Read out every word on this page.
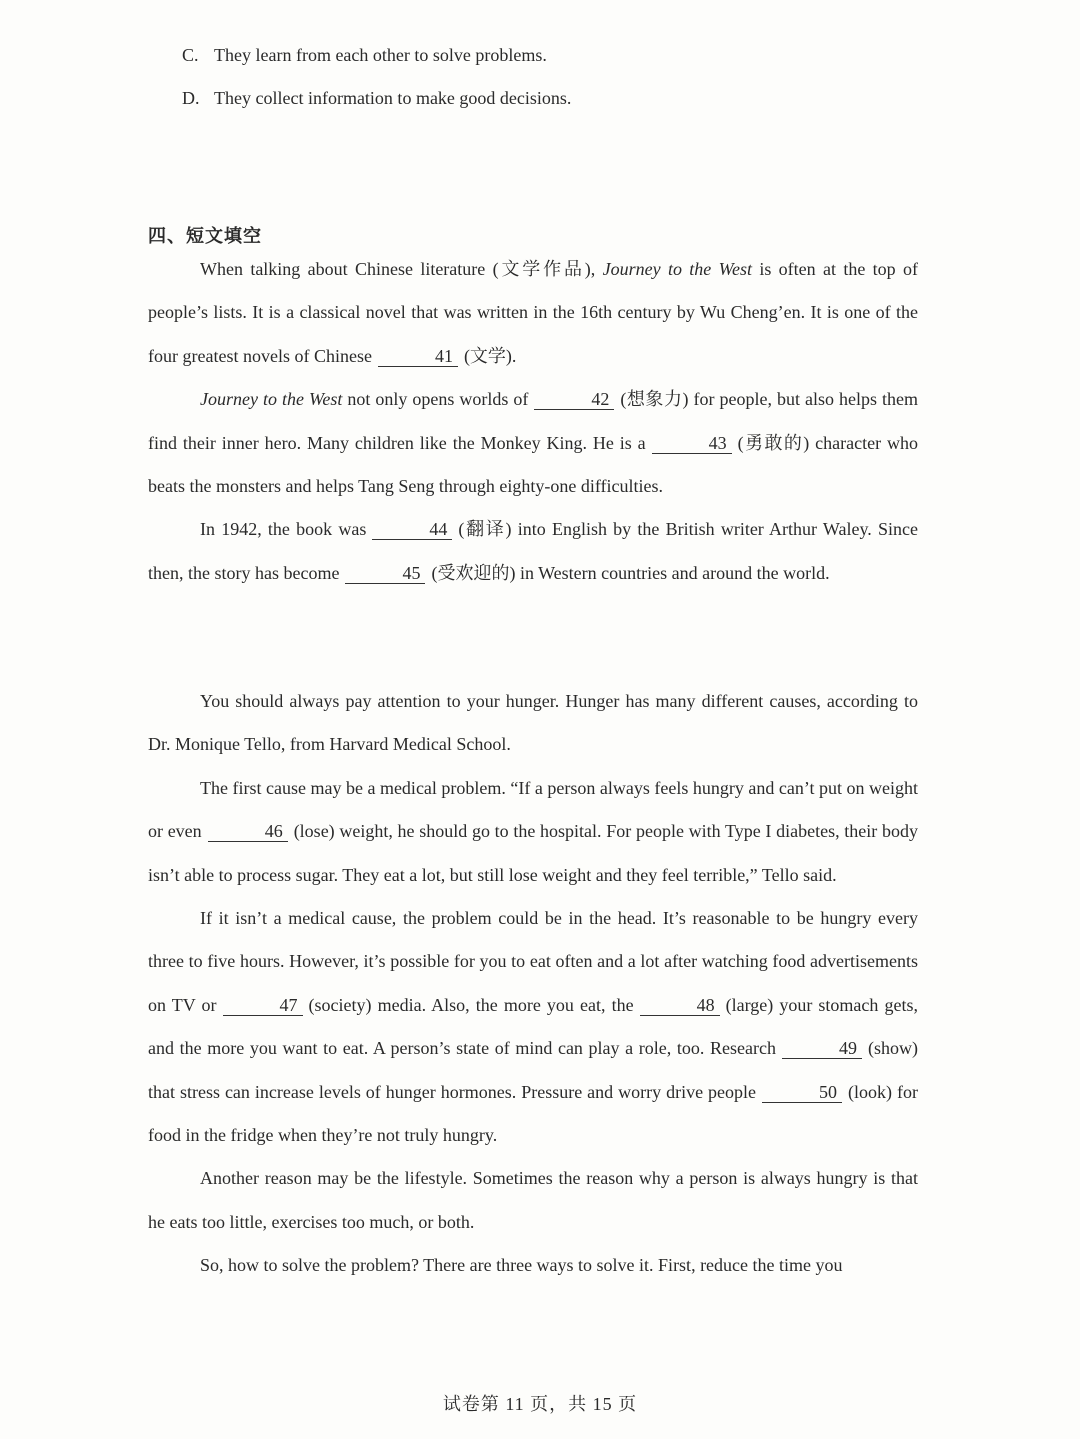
C. They learn from each other to solve problems.
D. They collect information to make good decisions.
四、短文填空

When talking about Chinese literature (文学作品), Journey to the West is often at the top of people’s lists. It is a classical novel that was written in the 16th century by Wu Cheng’en. It is one of the four greatest novels of Chinese	41 (文学).

Journey to the West not only opens worlds of	42 (想象力) for people, but also helps them find their inner hero. Many children like the Monkey King. He is a	43 (勇敢的) character who beats the monsters and helps Tang Seng through eighty-one difficulties.

In 1942, the book was	44 (翻译) into English by the British writer Arthur Waley. Since then, the story has become	45 (受欢迎的) in Western countries and around the world.

You should always pay attention to your hunger. Hunger has many different causes, according to Dr. Monique Tello, from Harvard Medical School.

The first cause may be a medical problem. “If a person always feels hungry and can’t put on weight or even	46 (lose) weight, he should go to the hospital. For people with Type I diabetes, their body isn’t able to process sugar. They eat a lot, but still lose weight and they feel terrible,” Tello said.

If it isn’t a medical cause, the problem could be in the head. It’s reasonable to be hungry every three to five hours. However, it’s possible for you to eat often and a lot after watching food advertisements on TV or	47 (society) media. Also, the more you eat, the	48 (large) your stomach gets, and the more you want to eat. A person’s state of mind can play a role, too. Research	49 (show) that stress can increase levels of hunger hormones. Pressure and worry drive people	50 (look) for food in the fridge when they’re not truly hungry.

Another reason may be the lifestyle. Sometimes the reason why a person is always hungry is that he eats too little, exercises too much, or both.

So, how to solve the problem? There are three ways to solve it. First, reduce the time you

试卷第 11 页，共 15 页
